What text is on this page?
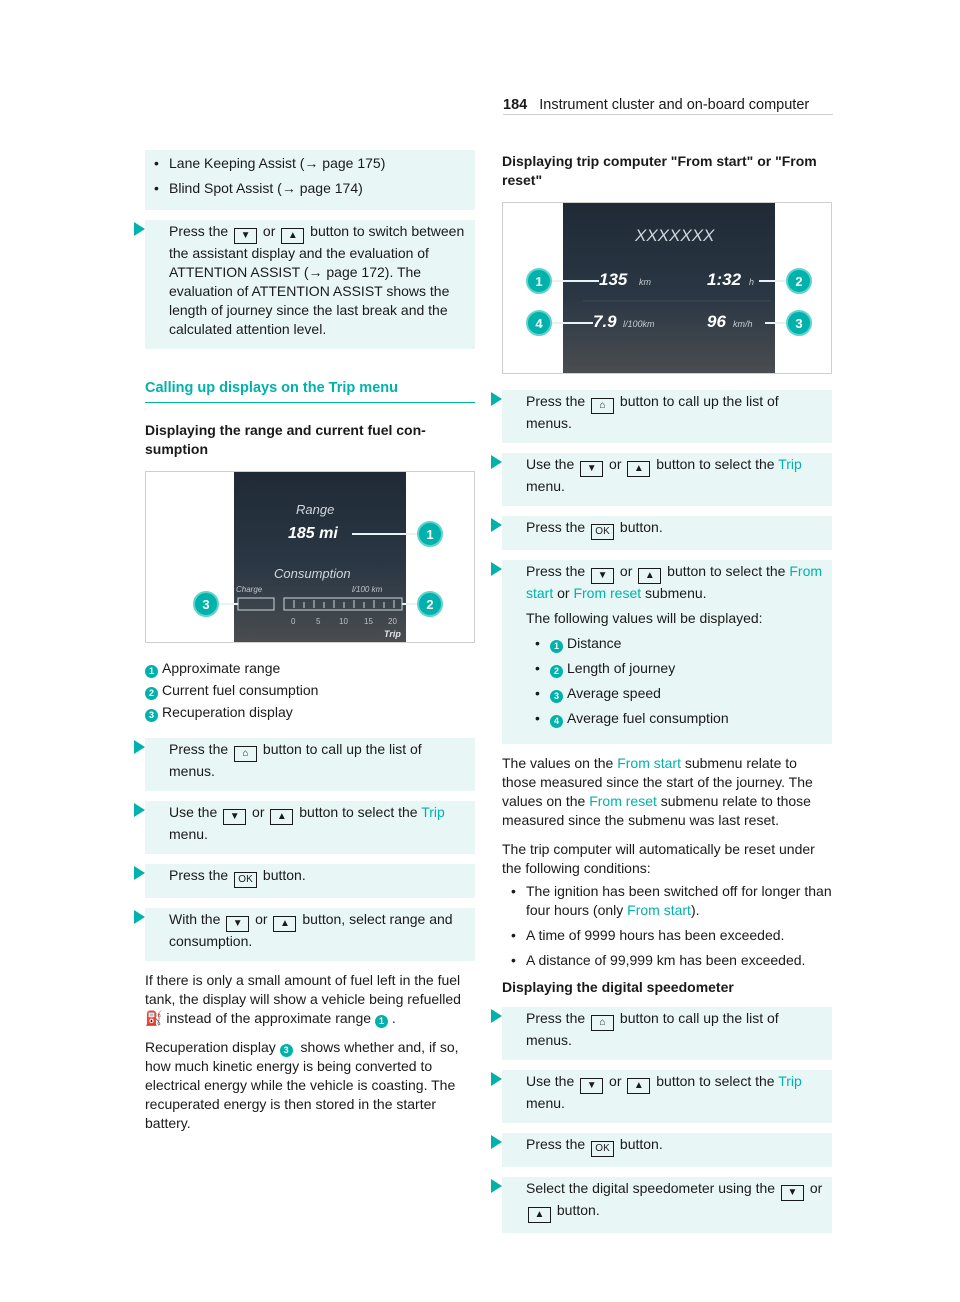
184 Instrument cluster and on-board computer
• Lane Keeping Assist (→ page 175)
• Blind Spot Assist (→ page 174)

Press the ▼ or ▲ button to switch between the assistant display and the evaluation of ATTENTION ASSIST (→ page 172). The evaluation of ATTENTION ASSIST shows the length of journey since the last break and the calculated attention level.

Calling up displays on the Trip menu
Displaying the range and current fuel consumption
Range
185 mi
Consumption
Charge	l/100 km
0	5 10 15 20
Trip
1
2
3
1 Approximate range
2 Current fuel consumption
3 Recuperation display

Press the ⌂ button to call up the list of menus.

Use the ▼ or ▲ button to select the Trip menu.

Press the OK button.

With the ▼ or ▲ button, select range and consumption.

If there is only a small amount of fuel left in the fuel tank, the display will show a vehicle being refuelled ⛽ instead of the approximate range 1 .

Recuperation display 3 shows whether and, if so, how much kinetic energy is being converted to electrical energy while the vehicle is coasting. The recuperated energy is then stored in the starter battery.

Displaying trip computer "From start" or "From reset"
XXXXXXX
135 km	1:32 h
7.9 l/100km	96 km/h
1	2
3
4

Press the ⌂ button to call up the list of menus.

Use the ▼ or ▲ button to select the Trip menu.

Press the OK button.

Press the ▼ or ▲ button to select the From start or From reset submenu.

The following values will be displayed:

• 1 Distance
• 2 Length of journey
• 3 Average speed
• 4 Average fuel consumption

The values on the From start submenu relate to those measured since the start of the journey. The values on the From reset submenu relate to those measured since the submenu was last reset.

The trip computer will automatically be reset under the following conditions:

• The ignition has been switched off for longer than four hours (only From start).
• A time of 9999 hours has been exceeded.
• A distance of 99,999 km has been exceeded.
Displaying the digital speedometer

Press the ⌂ button to call up the list of menus.

Use the ▼ or ▲ button to select the Trip menu.

Press the OK button.

Select the digital speedometer using the ▼ or ▲ button.
